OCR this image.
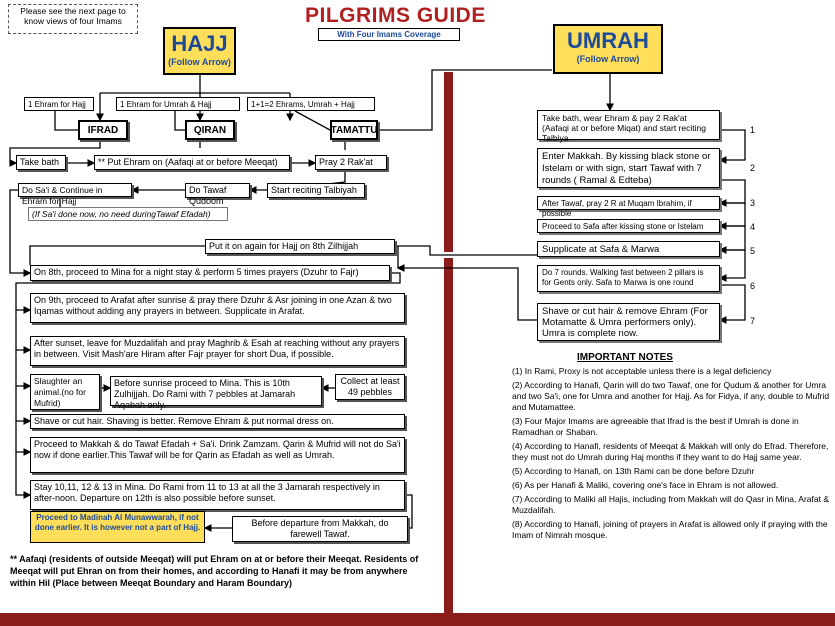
Please see the next page to know views of four Imams	PILGRIMS GUIDE
With Four Imams Coverage
HAJJ
(Follow Arrow)
UMRAH
(Follow Arrow)
1 Ehram for Hajj	1 Ehram for Umrah & Hajj	1+1=2 Ehrams, Umrah + Hajj
IFRAD	QIRAN	TAMATTU
Take bath	** Put Ehram on (Aafaqi at or before Meeqat)	Pray 2 Rak'at
Do Sa'i & Continue in Ehram for Hajj
Do Tawaf Qudoom
Start reciting Talbiyah
(If Sa'i done now, no need duringTawaf Efadah)
Put it on again for Hajj on 8th Zilhijjah
On 8th, proceed to Mina for a night stay & perform 5 times prayers (Dzuhr to Fajr)
On 9th, proceed to Arafat after sunrise & pray there Dzuhr & Asr joining in one Azan & two Iqamas without adding any prayers in between. Supplicate in Arafat.
After sunset, leave for Muzdalifah and pray Maghrib & Esah at reaching without any prayers in between. Visit Mash'are Hiram after Fajr prayer for short Dua, if possible.
Slaughter an animal.(no for Mufrid)
Before sunrise proceed to Mina. This is 10th Zulhijjah. Do Rami with 7 pebbles at Jamarah Aqabah only.
Collect at least 49 pebbles
Shave or cut hair. Shaving is better. Remove Ehram & put normal dress on.
Proceed to Makkah & do Tawaf Efadah + Sa'i. Drink Zamzam. Qarin & Mufrid will not do Sa'i now if done earlier.This Tawaf will be for Qarin as Efadah as well as Umrah.
Stay 10,11, 12 & 13 in Mina. Do Rami from 11 to 13 at all the 3 Jamarah respectively in after-noon. Departure on 12th is also possible before sunset.
Proceed to Madinah Al Munawwarah, if not done earlier. It is however not a part of Hajj.	Before departure from Makkah, do farewell Tawaf.
** Aafaqi (residents of outside Meeqat) will put Ehram on at or before their Meeqat. Residents of Meeqat will put Ehran on from their homes, and according to Hanafi it may be from anywhere within Hil (Place between Meeqat Boundary and Haram Boundary)
Take bath, wear Ehram & pay 2 Rak'at (Aafaqi at or before Miqat) and start reciting Talbiya
1
Enter Makkah. By kissing black stone or Istelam or with sign, start Tawaf with 7 rounds ( Ramal & Edteba)
2
After Tawaf, pray 2 R at Muqam Ibrahim, if possible
3
Proceed to Safa after kissing stone or Istelam	4
Supplicate at Safa & Marwa	5
Do 7 rounds. Walking fast between 2 pillars is for Gents only. Safa to Marwa is one round	6
Shave or cut hair & remove Ehram (For Motamatte & Umra performers only). Umra is complete now.
7
IMPORTANT NOTES

(1) In Rami, Proxy is not acceptable unless there is a legal deficiency

(2) According to Hanafi, Qarin will do two Tawaf, one for Qudum & another for Umra and two Sa'i, one for Umra and another for Hajj. As for Fidya, if any, double to Mufrid and Mutamattee.

(3) Four Major Imams are agreeable that Ifrad is the best if Umrah is done in Ramadhan or Shaban.

(4) According to Hanafi, residents of Meeqat & Makkah will only do Efrad. Therefore, they must not do Umrah during Haj months if they want to do Hajj same year.

(5) According to Hanafi, on 13th Rami can be done before Dzuhr

(6) As per Hanafi & Maliki, covering one's face in Ehram is not allowed.

(7) According to Maliki all Hajis, including from Makkah will do Qasr in Mina, Arafat & Muzdalifah.

(8) According to Hanafi, joining of prayers in Arafat is allowed only if praying with the Imam of Nimrah mosque.
